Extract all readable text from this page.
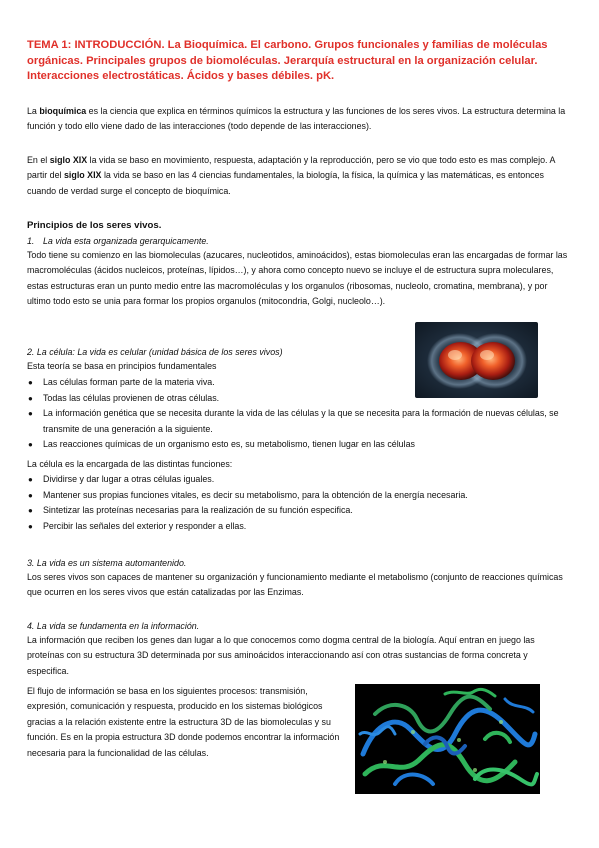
TEMA 1: INTRODUCCIÓN. La Bioquímica. El carbono. Grupos funcionales y familias de moléculas orgánicas. Principales grupos de biomoléculas. Jerarquía estructural en la organización celular. Interacciones electrostáticas. Ácidos y bases débiles. pK.
La bioquímica es la ciencia que explica en términos químicos la estructura y las funciones de los seres vivos. La estructura determina la función y todo ello viene dado de las interacciones (todo depende de las interacciones).
En el siglo XIX la vida se baso en movimiento, respuesta, adaptación y la reproducción, pero se vio que todo esto es mas complejo. A partir del siglo XIX la vida se baso en las 4 ciencias fundamentales, la biología, la física, la química y las matemáticas, es entonces cuando de verdad surge el concepto de bioquímica.
Principios de los seres vivos.
1. La vida esta organizada gerarquicamente.
Todo tiene su comienzo en las biomoleculas (azucares, nucleotidos, aminoácidos), estas biomoleculas eran las encargadas de formar las macromoléculas (ácidos nucleicos, proteínas, lípidos…), y ahora como concepto nuevo se incluye el de estructura supra moleculares, estas estructuras eran un punto medio entre las macromoléculas y los organulos (ribosomas, nucleolo, cromatina, membrana), y por ultimo todo esto se unia para formar los propios organulos (mitocondria, Golgi, nucleolo…).
2. La célula: La vida es celular (unidad básica de los seres vivos)
Esta teoría se basa en principios fundamentales
● Las células forman parte de la materia viva.
● Todas las células provienen de otras células.
● La información genética que se necesita durante la vida de las células y la que se necesita para la formación de nuevas células, se transmite de una generación a la siguiente.
● Las reacciones químicas de un organismo esto es, su metabolismo, tienen lugar en las células
La célula es la encargada de las distintas funciones:
● Dividirse y dar lugar a otras células iguales.
● Mantener sus propias funciones vitales, es decir su metabolismo, para la obtención de la energía necesaria.
● Sintetizar las proteínas necesarias para la realización de su función especifica.
● Percibir las señales del exterior y responder a ellas.
3. La vida es un sistema automantenido.
Los seres vivos son capaces de mantener su organización y funcionamiento mediante el metabolismo (conjunto de reacciones químicas que ocurren en los seres vivos que están catalizadas por las Enzimas.
4. La vida se fundamenta en la información.
La información que reciben los genes dan lugar a lo que conocemos como dogma central de la biología. Aquí entran en juego las proteínas con su estructura 3D determinada por sus aminoácidos interaccionando así con otras sustancias de forma concreta y especifica.
El flujo de información se basa en los siguientes procesos: transmisión, expresión, comunicación y respuesta, producido en los sistemas biológicos gracias a la relación existente entre la estructura 3D de las biomoleculas y su función. Es en la propia estructura 3D donde podemos encontrar la información necesaria para la funcionalidad de las células.
